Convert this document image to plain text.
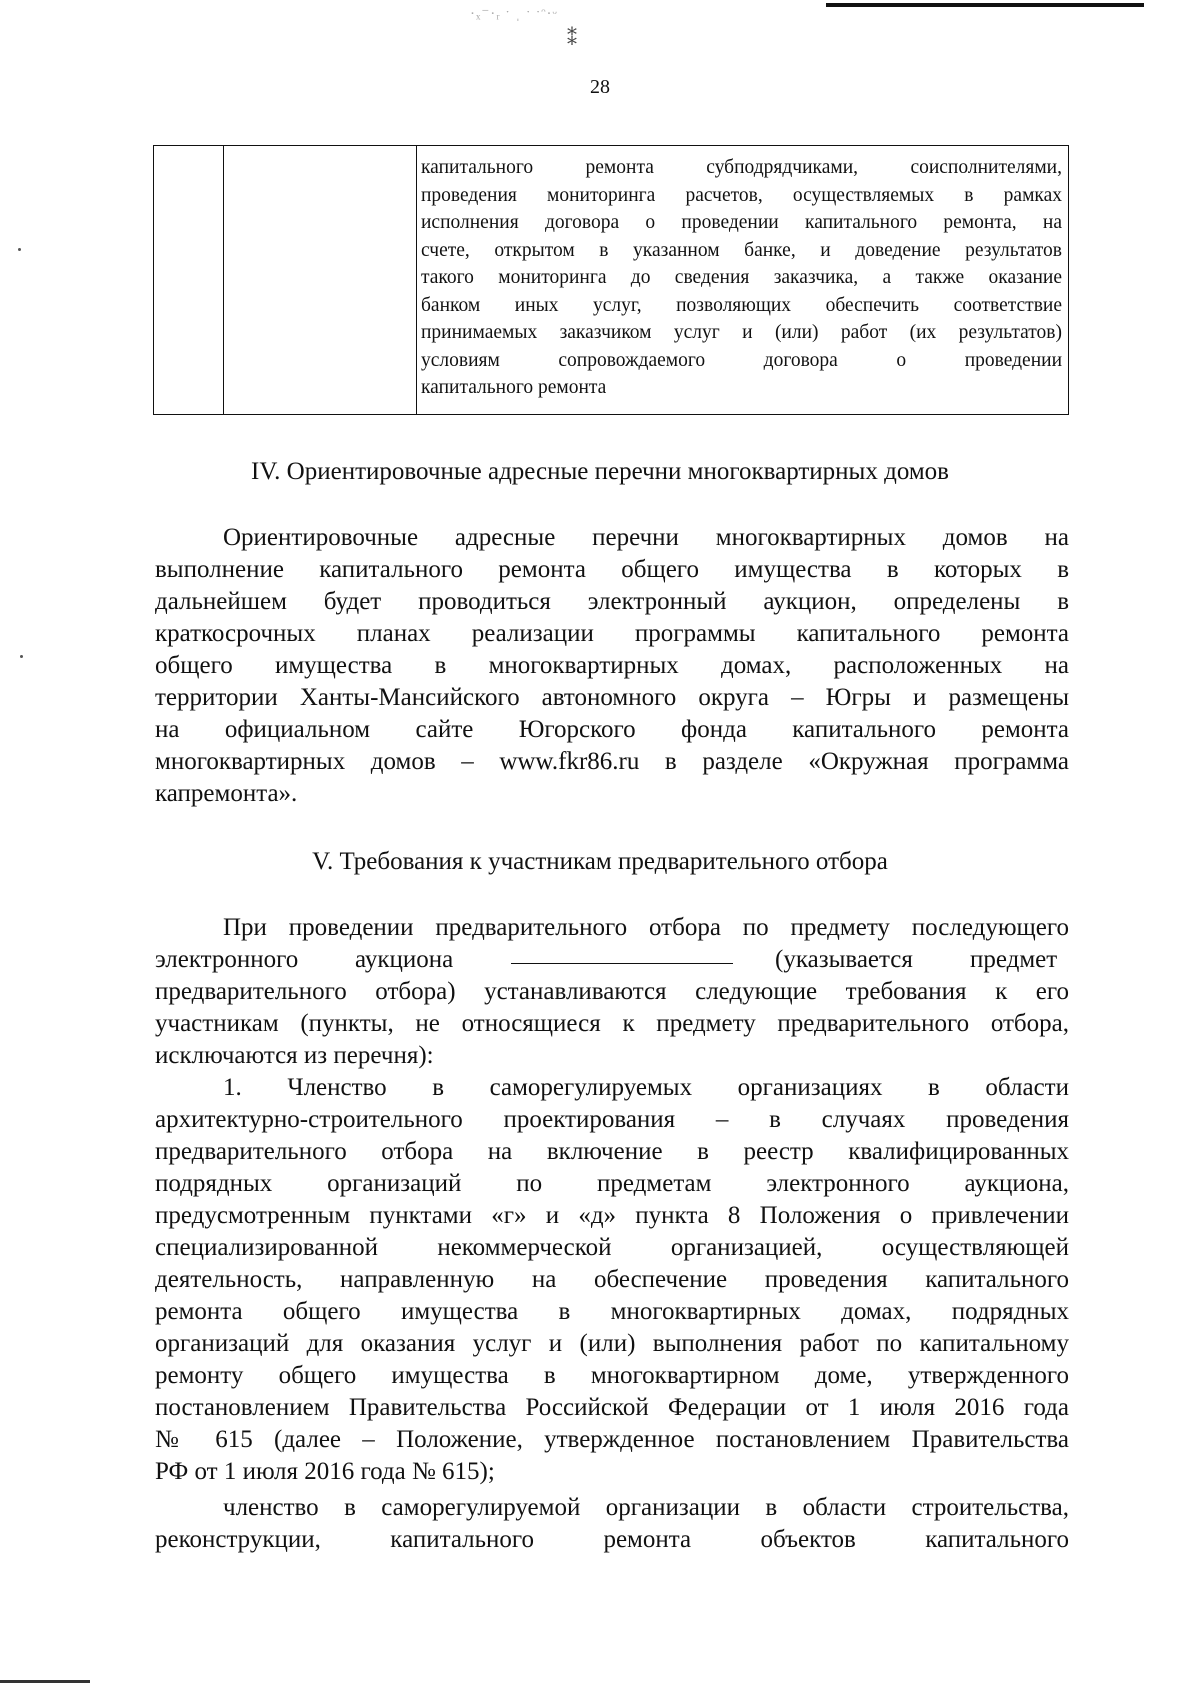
·ₓ⁻·ᵣ ˑ ˌ ˑ ˑᵔ·ᵕ
⁑
28
капитального ремонта субподрядчиками, соисполнителями,
проведения мониторинга расчетов, осуществляемых в рамках
исполнения договора о проведении капитального ремонта, на
счете, открытом в указанном банке, и доведение результатов
такого мониторинга до сведения заказчика, а также оказание
банком иных услуг, позволяющих обеспечить соответствие
принимаемых заказчиком услуг и (или) работ (их результатов)
условиям сопровождаемого договора о проведении
капитального ремонта
IV. Ориентировочные адресные перечни многоквартирных домов
Ориентировочные адресные перечни многоквартирных домов на
выполнение капитального ремонта общего имущества в которых в
дальнейшем будет проводиться электронный аукцион, определены в
краткосрочных планах реализации программы капитального ремонта
общего имущества в многоквартирных домах, расположенных на
территории Ханты-Мансийского автономного округа – Югры и размещены
на официальном сайте Югорского фонда капитального ремонта
многоквартирных домов – www.fkr86.ru в разделе «Окружная программа
капремонта».
V. Требования к участникам предварительного отбора
При проведении предварительного отбора по предмету последующего
электронного аукциона	(указывается предмет
предварительного отбора) устанавливаются следующие требования к его
участникам (пункты, не относящиеся к предмету предварительного отбора,
исключаются из перечня):
1. Членство в саморегулируемых организациях в области
архитектурно-строительного проектирования – в случаях проведения
предварительного отбора на включение в реестр квалифицированных
подрядных организаций по предметам электронного аукциона,
предусмотренным пунктами «г» и «д» пункта 8 Положения о привлечении
специализированной некоммерческой организацией, осуществляющей
деятельность, направленную на обеспечение проведения капитального
ремонта общего имущества в многоквартирных домах, подрядных
организаций для оказания услуг и (или) выполнения работ по капитальному
ремонту общего имущества в многоквартирном доме, утвержденного
постановлением Правительства Российской Федерации от 1 июля 2016 года
№ 615 (далее – Положение, утвержденное постановлением Правительства
РФ от 1 июля 2016 года № 615);
членство в саморегулируемой организации в области строительства,
реконструкции, капитального ремонта объектов капитального
